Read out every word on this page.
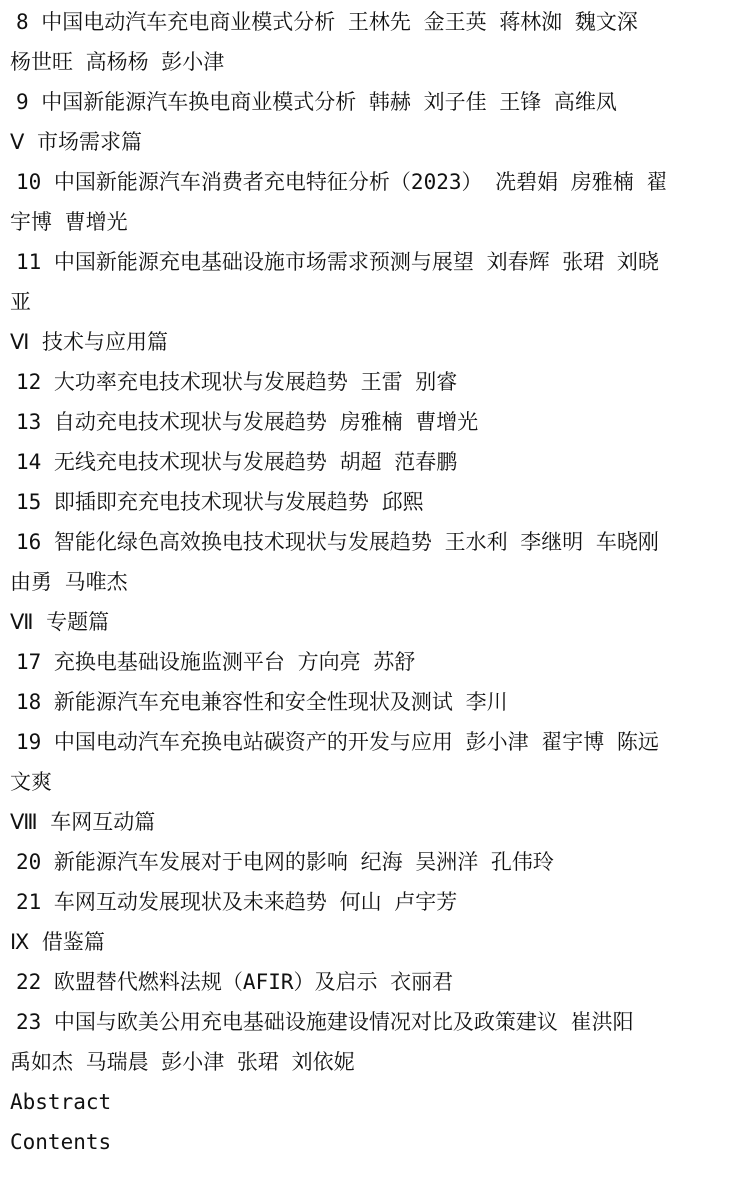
8 中国电动汽车充电商业模式分析 王林先 金王英 蒋林洳 魏文深
杨世旺 高杨杨 彭小津
9 中国新能源汽车换电商业模式分析 韩赫 刘子佳 王锋 高维凤
Ⅴ 市场需求篇
10 中国新能源汽车消费者充电特征分析（2023） 冼碧娟 房雅楠 翟
宇博 曹增光
11 中国新能源充电基础设施市场需求预测与展望 刘春辉 张珺 刘晓
亚
Ⅵ 技术与应用篇
12 大功率充电技术现状与发展趋势 王雷 别睿
13 自动充电技术现状与发展趋势 房雅楠 曹增光
14 无线充电技术现状与发展趋势 胡超 范春鹏
15 即插即充充电技术现状与发展趋势 邱熙
16 智能化绿色高效换电技术现状与发展趋势 王水利 李继明 车晓刚
由勇 马唯杰
Ⅶ 专题篇
17 充换电基础设施监测平台 方向亮 苏舒
18 新能源汽车充电兼容性和安全性现状及测试 李川
19 中国电动汽车充换电站碳资产的开发与应用 彭小津 翟宇博 陈远
文爽
Ⅷ 车网互动篇
20 新能源汽车发展对于电网的影响 纪海 吴洲洋 孔伟玲
21 车网互动发展现状及未来趋势 何山 卢宇芳
Ⅸ 借鉴篇
22 欧盟替代燃料法规（AFIR）及启示 衣丽君
23 中国与欧美公用充电基础设施建设情况对比及政策建议 崔洪阳
禹如杰 马瑞晨 彭小津 张珺 刘依妮
Abstract
Contents
